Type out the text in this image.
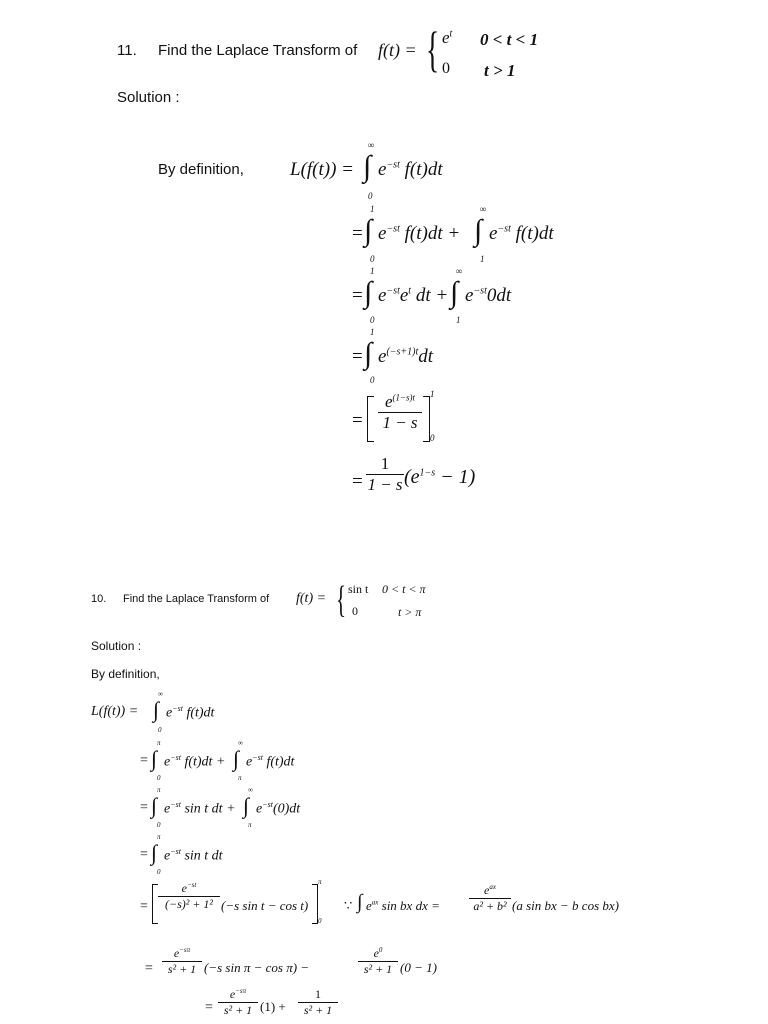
11. Find the Laplace Transform of f(t) = { $e^t$ 0 < t < 1
0 t > 1
Solution :
By definition, L(f(t)) =
∞
∫
0
$e^{-st}$ f(t)dt
=
1
∫
0
$e^{-st}$ f(t)dt +
∞
∫
1
$e^{-st}$ f(t)dt
=
1
∫
0
$e^{-st}e^t$ dt +
∞
∫
1
$e^{-st}0dt$
=
1
∫
0
$e^{(-s+1)t}dt$
= $\frac{e^{(1-s)t}}{1 - s} 1$
0
= $\frac{1}{1 - s} (e^{1-s} - 1)$
10. Find the Laplace Transform of f(t) = { sin t 0 < t < π
0	t > π
Solution :
By definition,
L(f(t)) =
∞
∫
0
$e^{-st}$ f(t)dt
=
π
∫
0
$e^{-st}$ f(t)dt +
∞
∫
π
$e^{-st}$ f(t)dt
=
π
∫
0
$e^{-st}$ sin t dt +
∞
∫
π
$e^{-st}(0)dt$
=
π
∫
0
$e^{-st}$ sin t dt
= $\frac{e^{-st}}{\text{(−s)² + 1²}} (-s$ sin t − cos t)
π
0
∵ ∫ $e^{ax}$ sin bx dx =
$e^{ax}$
a² + b² (a sin bx − b cos bx)
= $\frac{e^{-s\pi}}{\text{s² + 1}} (-s$ sin π − cos π) −	$\frac{e^0}{\text{s² + 1}} (0 - 1)$
= $\frac{e^{-s\pi}}{\text{s² + 1}} (1) + \frac{1}{\text{s² + 1}}$
